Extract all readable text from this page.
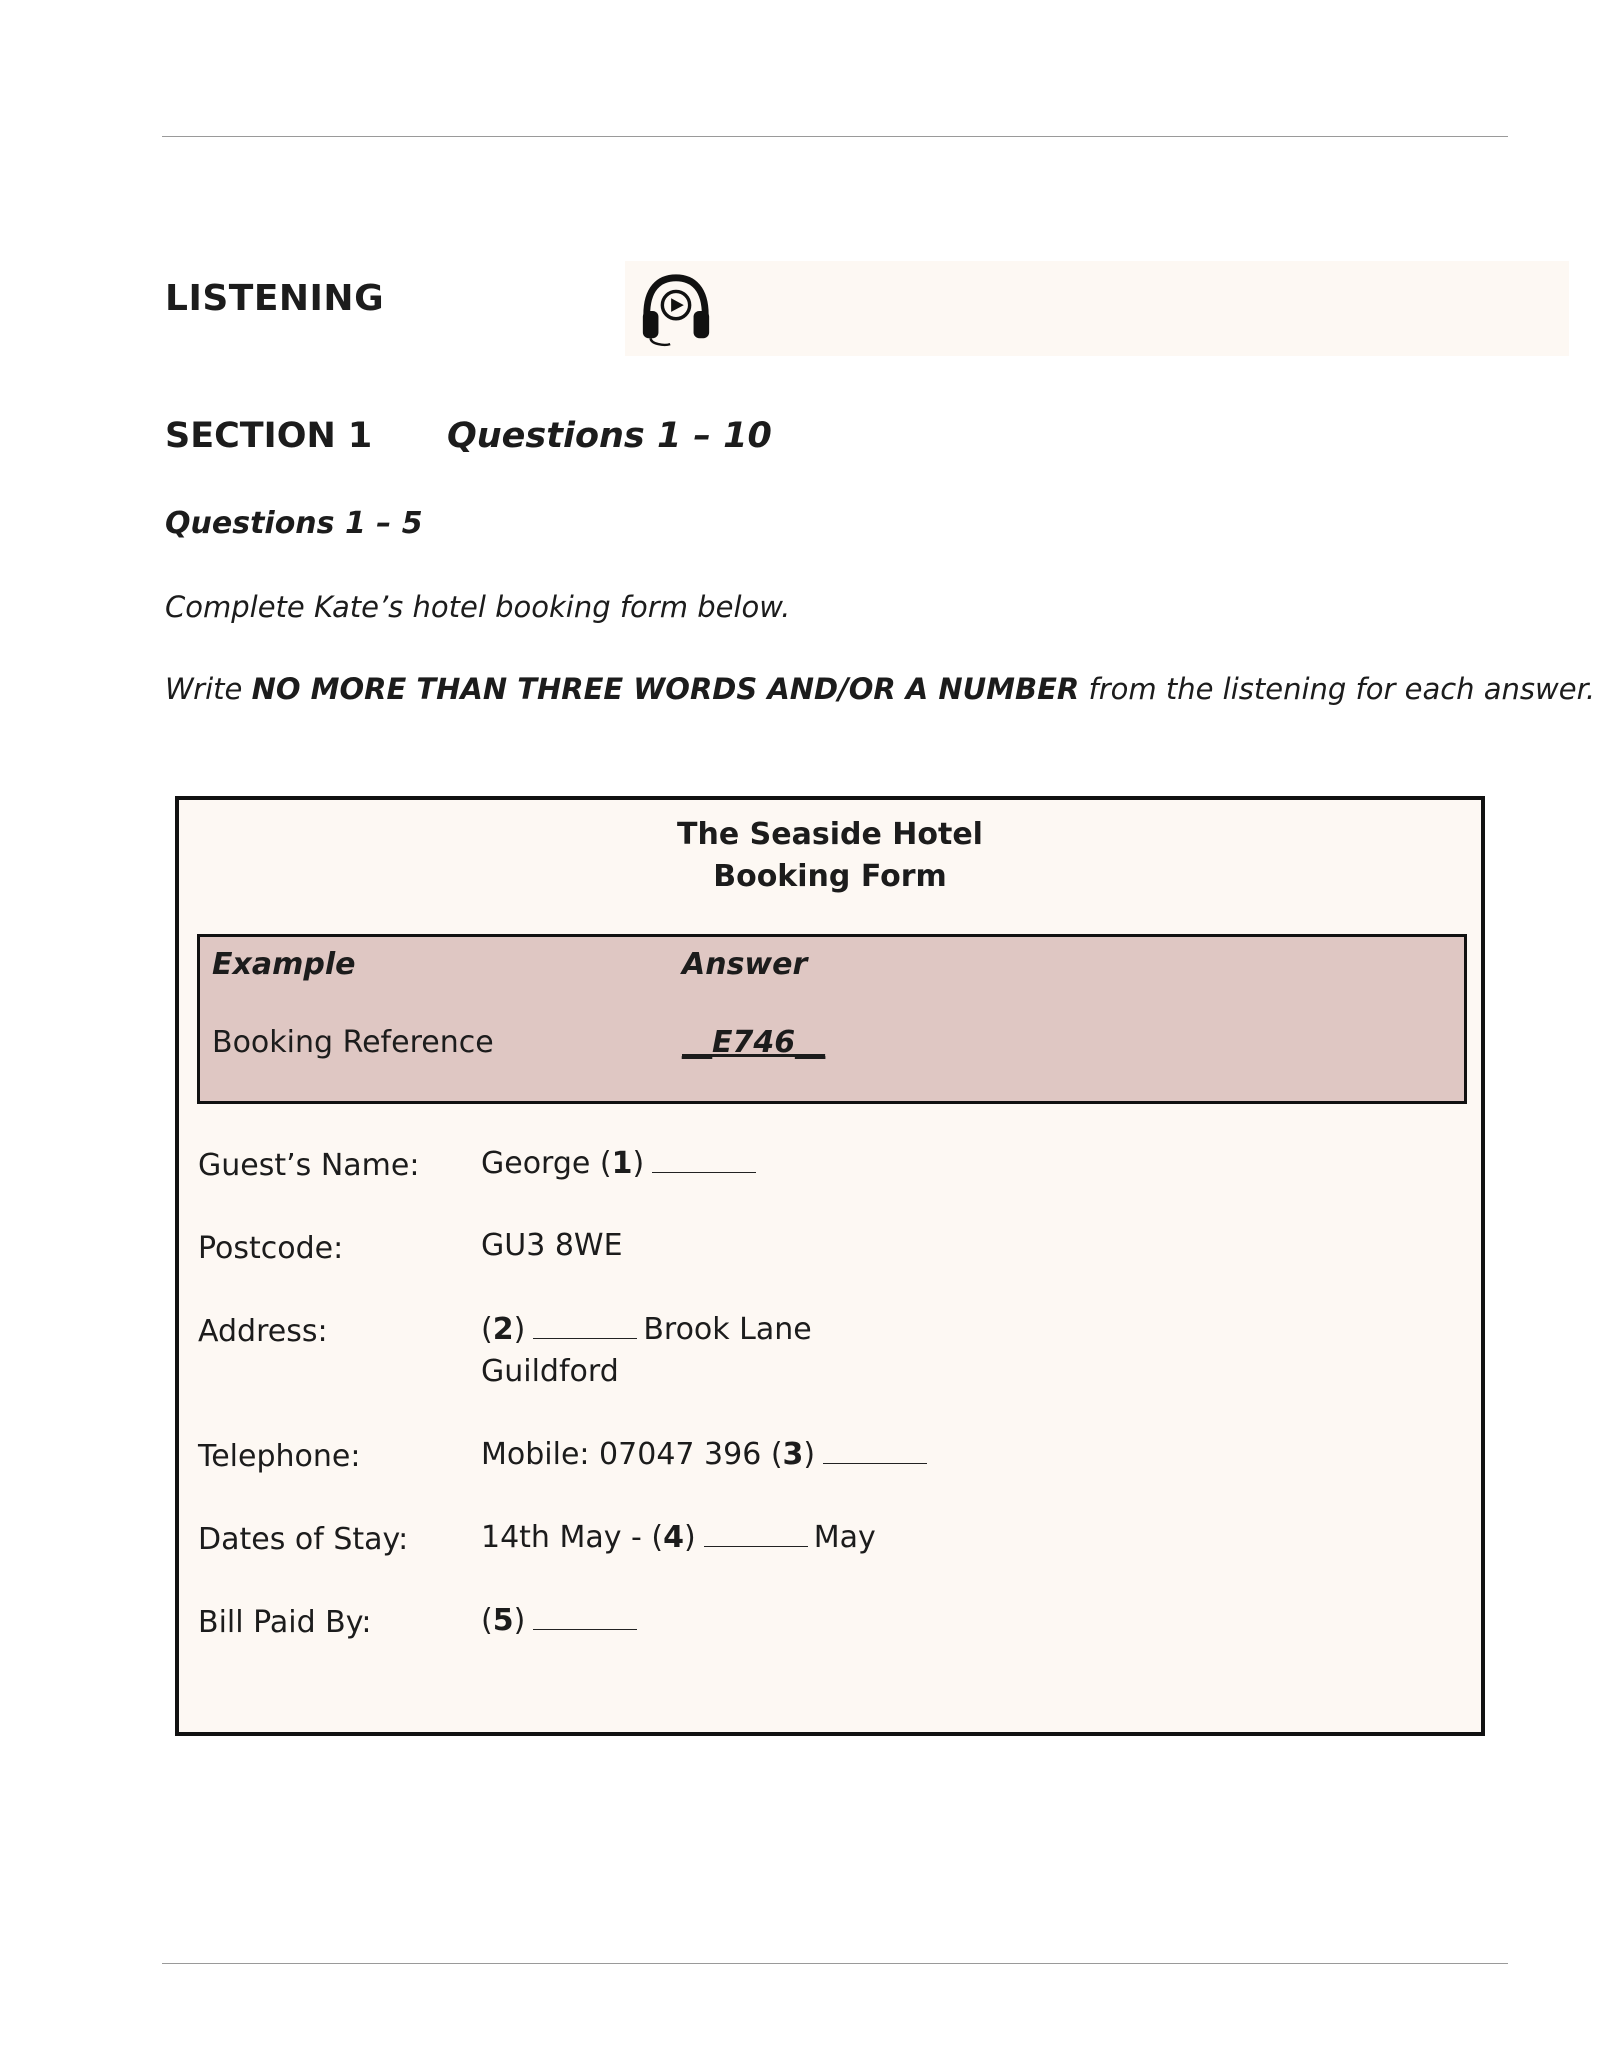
LISTENING
SECTION 1 Questions 1 – 10
Questions 1 – 5
Complete Kate’s hotel booking form below.
Write NO MORE THAN THREE WORDS AND/OR A NUMBER from the listening for each answer.
The Seaside Hotel
Booking Form
Example	Answer
Booking Reference	__E746__
Guest’s Name: George (1)
Postcode:	GU3 8WE
Address:	(2)	Brook Lane
Guildford
Telephone:	Mobile: 07047 396 (3)
Dates of Stay: 14th May - (4)	May
Bill Paid By:	(5)
